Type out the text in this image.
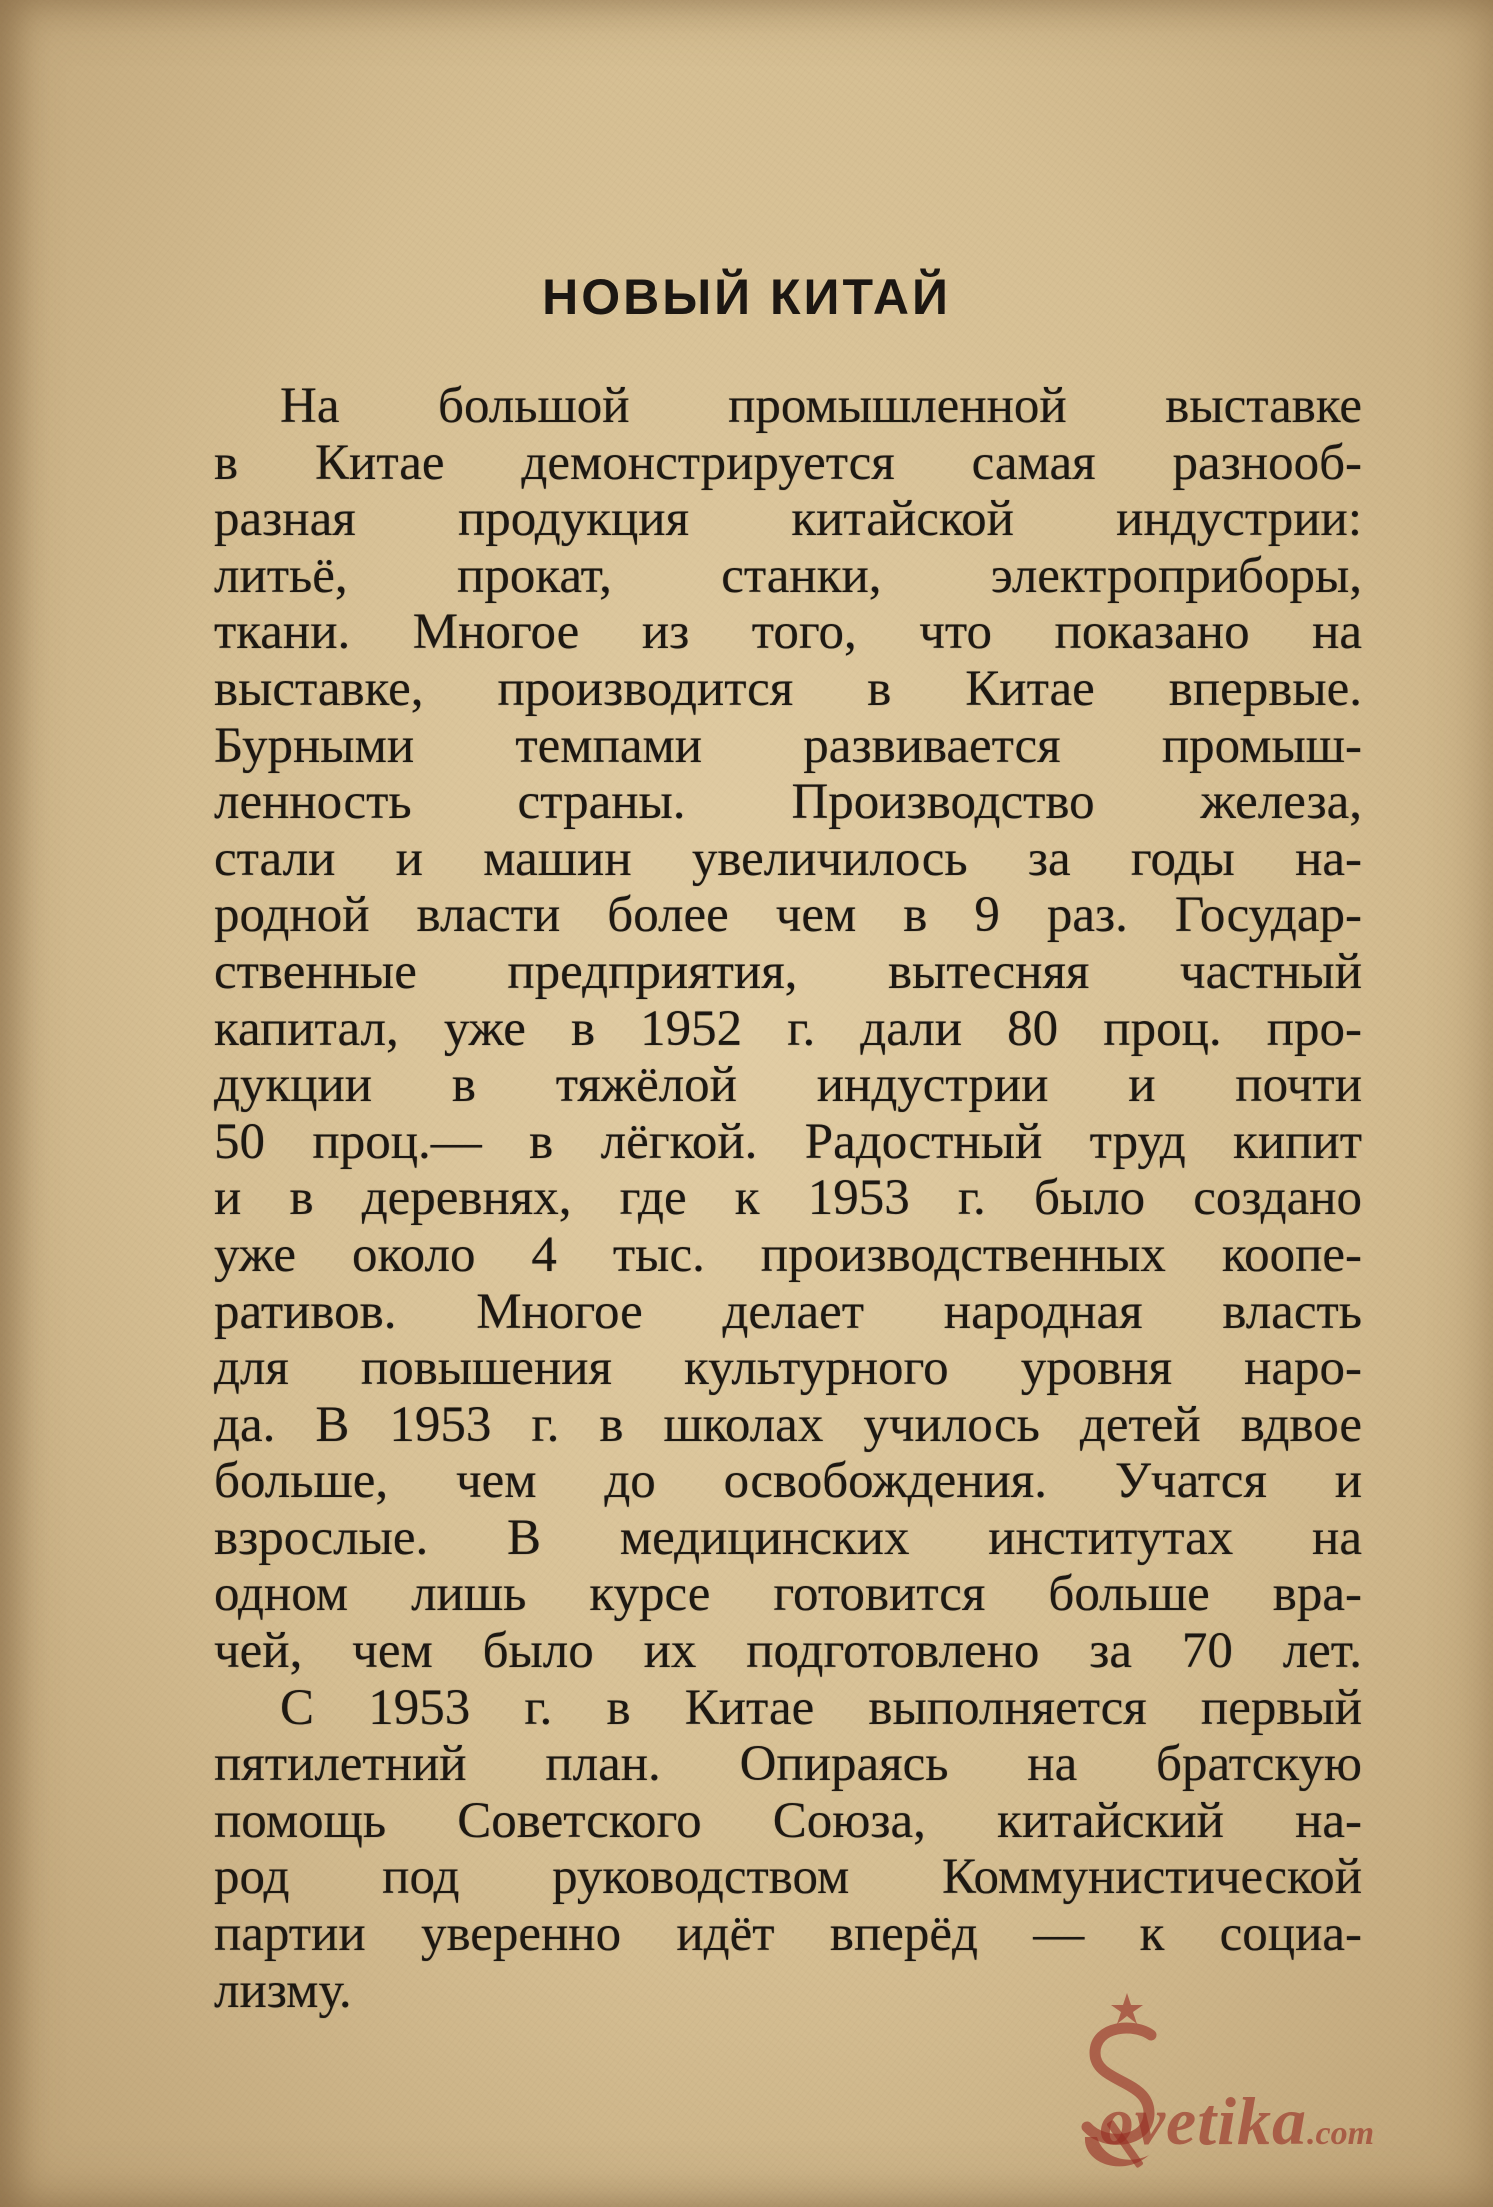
НОВЫЙ КИТАЙ
На большой промышленной выставке
в Китае демонстрируется самая разнооб-
разная продукция китайской индустрии:
литьё, прокат, станки, электроприборы,
ткани. Многое из того, что показано на
выставке, производится в Китае впервые.
Бурными темпами развивается промыш-
ленность страны. Производство железа,
стали и машин увеличилось за годы на-
родной власти более чем в 9 раз. Государ-
ственные предприятия, вытесняя частный
капитал, уже в 1952 г. дали 80 проц. про-
дукции в тяжёлой индустрии и почти
50 проц.— в лёгкой. Радостный труд кипит
и в деревнях, где к 1953 г. было создано
уже около 4 тыс. производственных коопе-
ративов. Многое делает народная власть
для повышения культурного уровня наро-
да. В 1953 г. в школах училось детей вдвое
больше, чем до освобождения. Учатся и
взрослые. В медицинских институтах на
одном лишь курсе готовится больше вра-
чей, чем было их подготовлено за 70 лет.
С 1953 г. в Китае выполняется первый
пятилетний план. Опираясь на братскую
помощь Советского Союза, китайский на-
род под руководством Коммунистической
партии уверенно идёт вперёд — к социа-
лизму.
ovetika.com
